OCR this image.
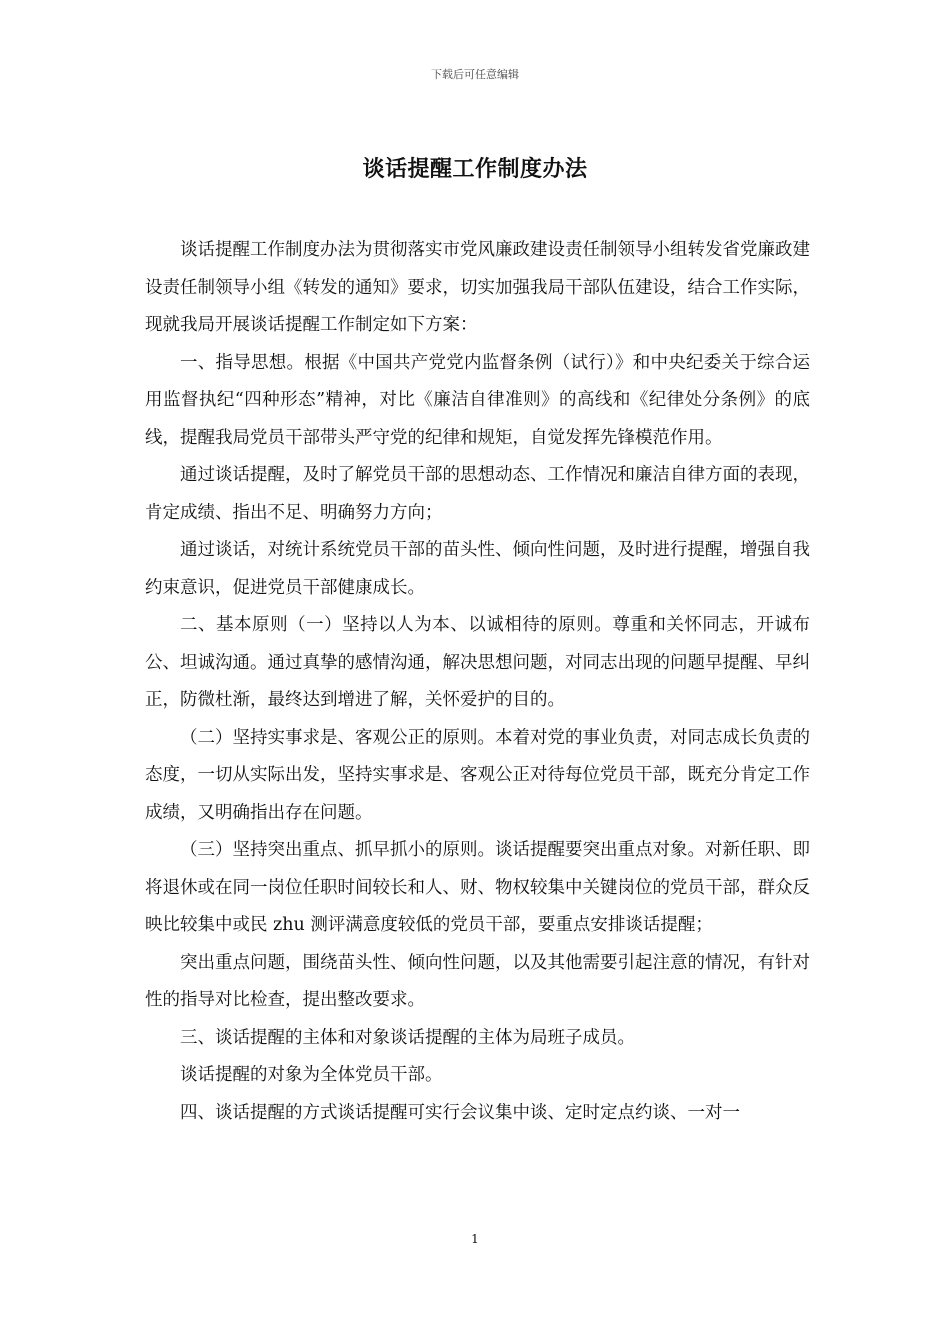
下载后可任意编辑
谈话提醒工作制度办法

谈话提醒工作制度办法为贯彻落实市党风廉政建设责任制领导小组转发省党廉政建设责任制领导小组《转发的通知》要求，切实加强我局干部队伍建设，结合工作实际，现就我局开展谈话提醒工作制定如下方案：

一、指导思想。根据《中国共产党党内监督条例（试行）》和中央纪委关于综合运用监督执纪“四种形态”精神，对比《廉洁自律准则》的高线和《纪律处分条例》的底线，提醒我局党员干部带头严守党的纪律和规矩，自觉发挥先锋模范作用。

通过谈话提醒，及时了解党员干部的思想动态、工作情况和廉洁自律方面的表现，肯定成绩、指出不足、明确努力方向；

通过谈话，对统计系统党员干部的苗头性、倾向性问题，及时进行提醒，增强自我约束意识，促进党员干部健康成长。

二、基本原则（一）坚持以人为本、以诚相待的原则。尊重和关怀同志，开诚布公、坦诚沟通。通过真挚的感情沟通，解决思想问题，对同志出现的问题早提醒、早纠正，防微杜渐，最终达到增进了解，关怀爱护的目的。

（二）坚持实事求是、客观公正的原则。本着对党的事业负责，对同志成长负责的态度，一切从实际出发，坚持实事求是、客观公正对待每位党员干部，既充分肯定工作成绩，又明确指出存在问题。

（三）坚持突出重点、抓早抓小的原则。谈话提醒要突出重点对象。对新任职、即将退休或在同一岗位任职时间较长和人、财、物权较集中关键岗位的党员干部，群众反映比较集中或民 zhu 测评满意度较低的党员干部，要重点安排谈话提醒；

突出重点问题，围绕苗头性、倾向性问题，以及其他需要引起注意的情况，有针对性的指导对比检查，提出整改要求。

三、谈话提醒的主体和对象谈话提醒的主体为局班子成员。

谈话提醒的对象为全体党员干部。

四、谈话提醒的方式谈话提醒可实行会议集中谈、定时定点约谈、一对一

1
